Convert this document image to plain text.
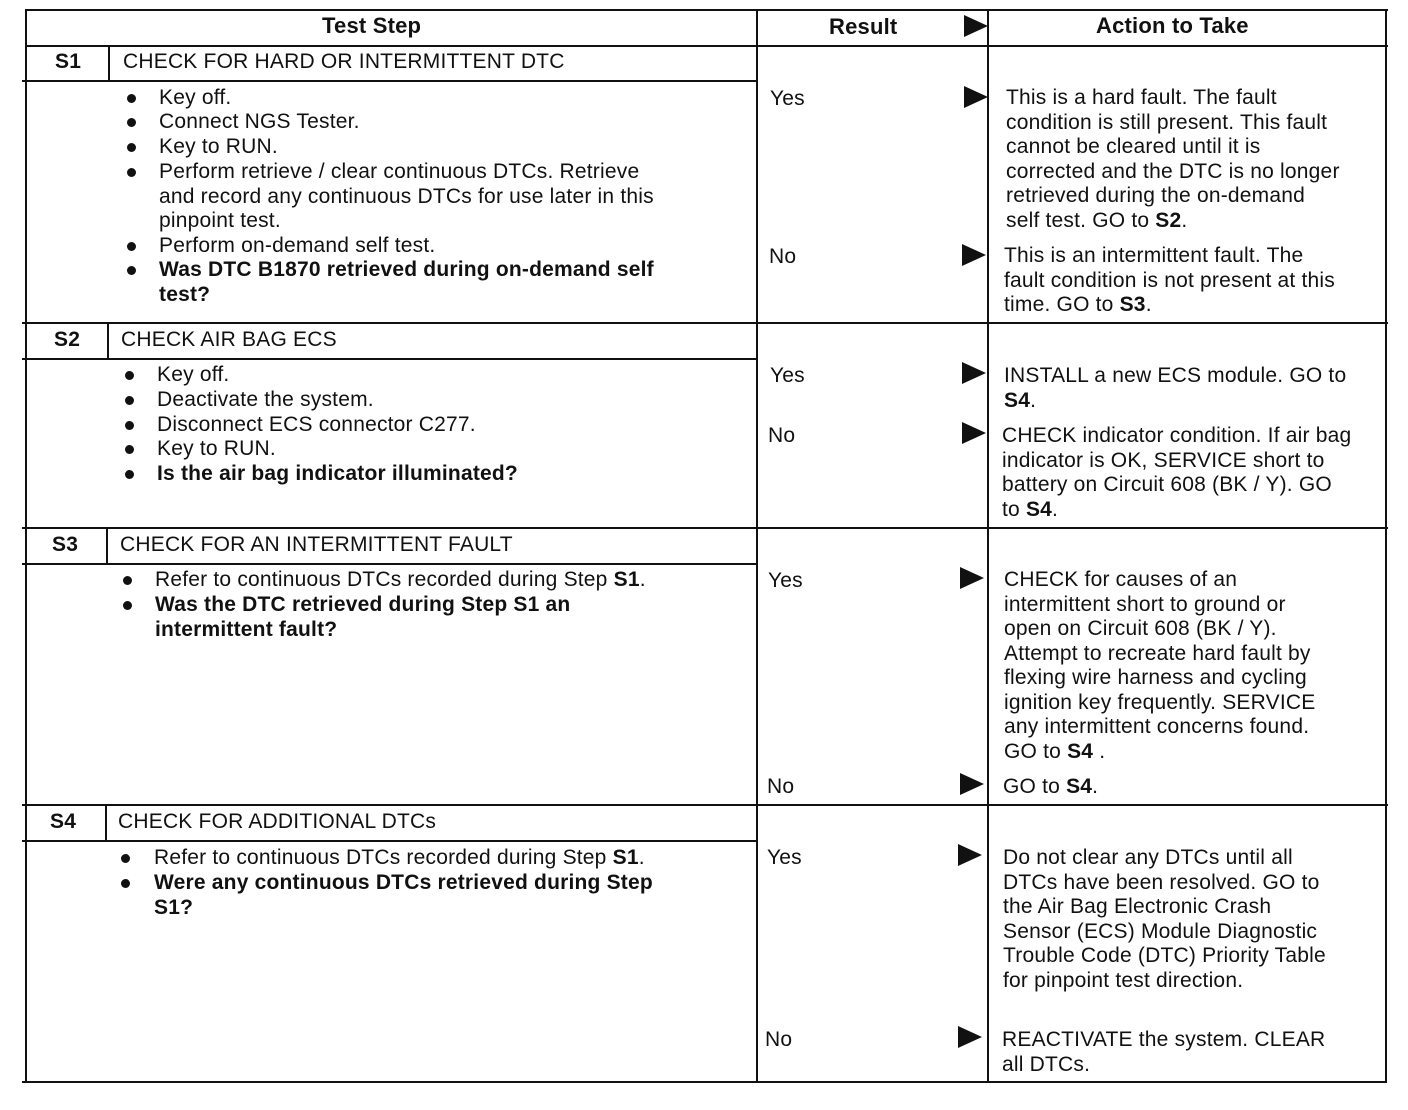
Test Step	Result	Action to Take
S1 CHECK FOR HARD OR INTERMITTENT DTC
Key off.
Connect NGS Tester.
Key to RUN.
Perform retrieve / clear continuous DTCs. Retrieve
and record any continuous DTCs for use later in this
pinpoint test.
Perform on-demand self test.
Was DTC B1870 retrieved during on-demand self
test?
Yes	This is a hard fault. The fault
condition is still present. This fault
cannot be cleared until it is
corrected and the DTC is no longer
retrieved during the on-demand
self test. GO to S2.
No	This is an intermittent fault. The
fault condition is not present at this
time. GO to S3.
S2 CHECK AIR BAG ECS
Key off.
Deactivate the system.
Disconnect ECS connector C277.
Key to RUN.
Is the air bag indicator illuminated?
Yes	INSTALL a new ECS module. GO to
S4.
No	CHECK indicator condition. If air bag
indicator is OK, SERVICE short to
battery on Circuit 608 (BK / Y). GO
to S4.
S3 CHECK FOR AN INTERMITTENT FAULT
Refer to continuous DTCs recorded during Step S1.
Was the DTC retrieved during Step S1 an
intermittent fault?
Yes	CHECK for causes of an
intermittent short to ground or
open on Circuit 608 (BK / Y).
Attempt to recreate hard fault by
flexing wire harness and cycling
ignition key frequently. SERVICE
any intermittent concerns found.
GO to S4 .
No	GO to S4.
S4 CHECK FOR ADDITIONAL DTCs
Refer to continuous DTCs recorded during Step S1.
Were any continuous DTCs retrieved during Step
S1?
Yes	Do not clear any DTCs until all
DTCs have been resolved. GO to
the Air Bag Electronic Crash
Sensor (ECS) Module Diagnostic
Trouble Code (DTC) Priority Table
for pinpoint test direction.
No	REACTIVATE the system. CLEAR
all DTCs.
